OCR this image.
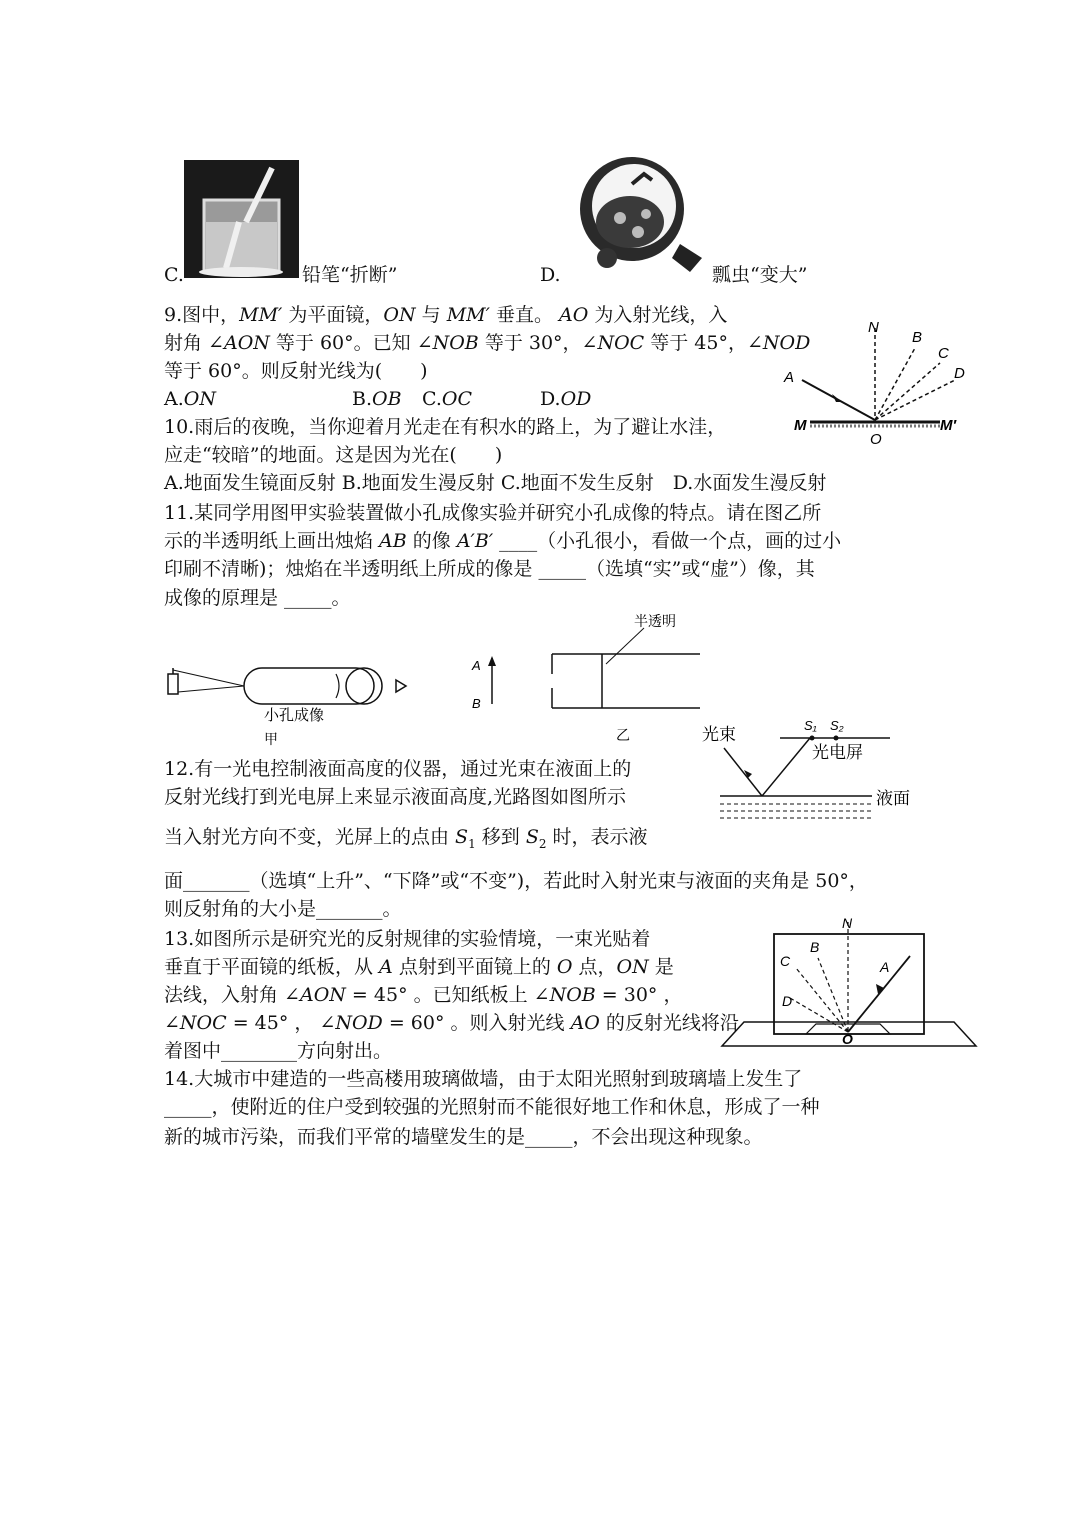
C.	铅笔“折断”	D.	瓢虫“变大”
9.图中，MM′ 为平面镜，ON 与 MM′ 垂直。 AO 为入射光线，入
射角 ∠AON 等于 60°。已知 ∠NOB 等于 30°，∠NOC 等于 45°，∠NOD
等于 60°。则反射光线为(　　)
A.ON	B.OB C.OC	D.OD
N
B
C
D
A
M
O
M′
10.雨后的夜晚，当你迎着月光走在有积水的路上，为了避让水洼，
应走“较暗”的地面。这是因为光在(　　)
A.地面发生镜面反射 B.地面发生漫反射 C.地面不发生反射　D.水面发生漫反射
11.某同学用图甲实验装置做小孔成像实验并研究小孔成像的特点。请在图乙所
示的半透明纸上画出烛焰 AB 的像 A′B′ ____（小孔很小，看做一个点，画的过小
印刷不清晰)；烛焰在半透明纸上所成的像是 _____（选填“实”或“虚”）像，其
成像的原理是 _____。
小孔成像
甲
A
B
半透明
乙
12.有一光电控制液面高度的仪器，通过光束在液面上的
反射光线打到光电屏上来显示液面高度,光路图如图所示
当入射光方向不变，光屏上的点由 $S_1$ 移到 $S_2$ 时，表示液
面_______（选填“上升”、“下降”或“不变”)，若此时入射光束与液面的夹角是 50°，
则反射角的大小是_______。
光束	S₁ S₂
光电屏
液面
13.如图所示是研究光的反射规律的实验情境，一束光贴着
垂直于平面镜的纸板，从 A 点射到平面镜上的 O 点，ON 是
法线，入射角 ∠AON = 45° 。已知纸板上 ∠NOB = 30° ，
∠NOC = 45° ， ∠NOD = 60° 。则入射光线 AO 的反射光线将沿
着图中________方向射出。
N
B
C
D
A
O
14.大城市中建造的一些高楼用玻璃做墙，由于太阳光照射到玻璃墙上发生了
_____，使附近的住户受到较强的光照射而不能很好地工作和休息，形成了一种
新的城市污染，而我们平常的墙壁发生的是_____，不会出现这种现象。
